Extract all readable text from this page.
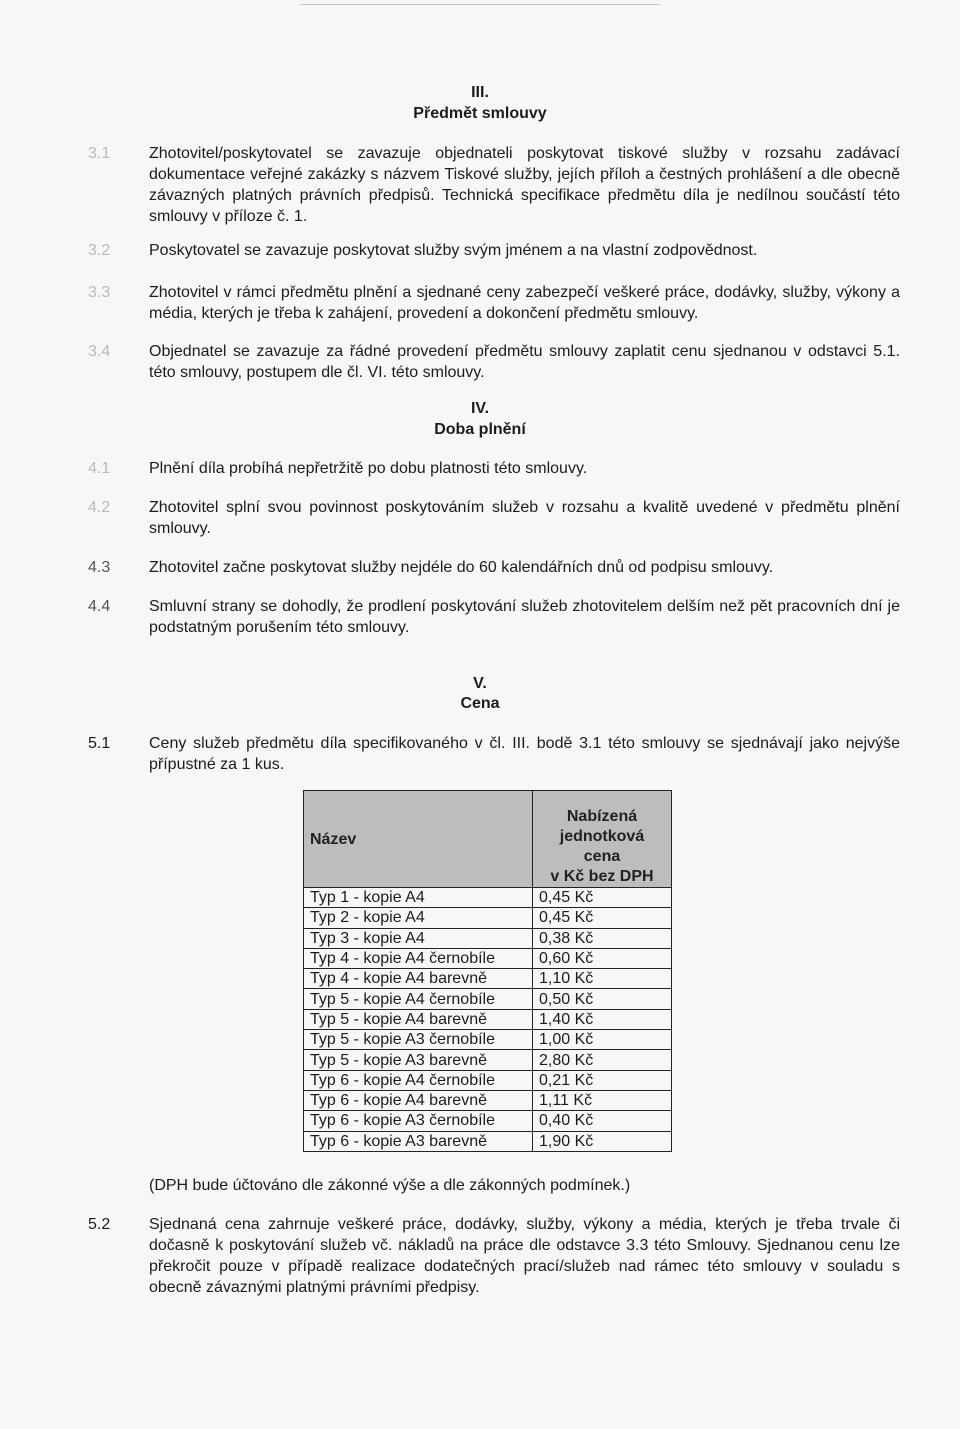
III.
Předmět smlouvy
3.1	Zhotovitel/poskytovatel se zavazuje objednateli poskytovat tiskové služby v rozsahu zadávací dokumentace veřejné zakázky s názvem Tiskové služby, jejích příloh a čestných prohlášení a dle obecně závazných platných právních předpisů. Technická specifikace předmětu díla je nedílnou součástí této smlouvy v příloze č. 1.
3.2	Poskytovatel se zavazuje poskytovat služby svým jménem a na vlastní zodpovědnost.
3.3	Zhotovitel v rámci předmětu plnění a sjednané ceny zabezpečí veškeré práce, dodávky, služby, výkony a média, kterých je třeba k zahájení, provedení a dokončení předmětu smlouvy.
3.4	Objednatel se zavazuje za řádné provedení předmětu smlouvy zaplatit cenu sjednanou v odstavci 5.1. této smlouvy, postupem dle čl. VI. této smlouvy.
IV.
Doba plnění
4.1	Plnění díla probíhá nepřetržitě po dobu platnosti této smlouvy.
4.2	Zhotovitel splní svou povinnost poskytováním služeb v rozsahu a kvalitě uvedené v předmětu plnění smlouvy.
4.3	Zhotovitel začne poskytovat služby nejdéle do 60 kalendářních dnů od podpisu smlouvy.
4.4	Smluvní strany se dohodly, že prodlení poskytování služeb zhotovitelem delším než pět pracovních dní je podstatným porušením této smlouvy.
V.
Cena
5.1	Ceny služeb předmětu díla specifikovaného v čl. III. bodě 3.1 této smlouvy se sjednávají jako nejvýše přípustné za 1 kus.
Název	Nabízená
jednotková
cena
v Kč bez DPH

Typ 1 - kopie A4	0,45 Kč
Typ 2 - kopie A4	0,45 Kč
Typ 3 - kopie A4	0,38 Kč
Typ 4 - kopie A4 černobíle	0,60 Kč
Typ 4 - kopie A4 barevně	1,10 Kč
Typ 5 - kopie A4 černobíle	0,50 Kč
Typ 5 - kopie A4 barevně	1,40 Kč
Typ 5 - kopie A3 černobíle	1,00 Kč
Typ 5 - kopie A3 barevně	2,80 Kč
Typ 6 - kopie A4 černobíle	0,21 Kč
Typ 6 - kopie A4 barevně	1,11 Kč
Typ 6 - kopie A3 černobíle	0,40 Kč
Typ 6 - kopie A3 barevně	1,90 Kč
(DPH bude účtováno dle zákonné výše a dle zákonných podmínek.)
5.2	Sjednaná cena zahrnuje veškeré práce, dodávky, služby, výkony a média, kterých je třeba trvale či dočasně k poskytování služeb vč. nákladů na práce dle odstavce 3.3 této Smlouvy. Sjednanou cenu lze překročit pouze v případě realizace dodatečných prací/služeb nad rámec této smlouvy v souladu s obecně závaznými platnými právními předpisy.
